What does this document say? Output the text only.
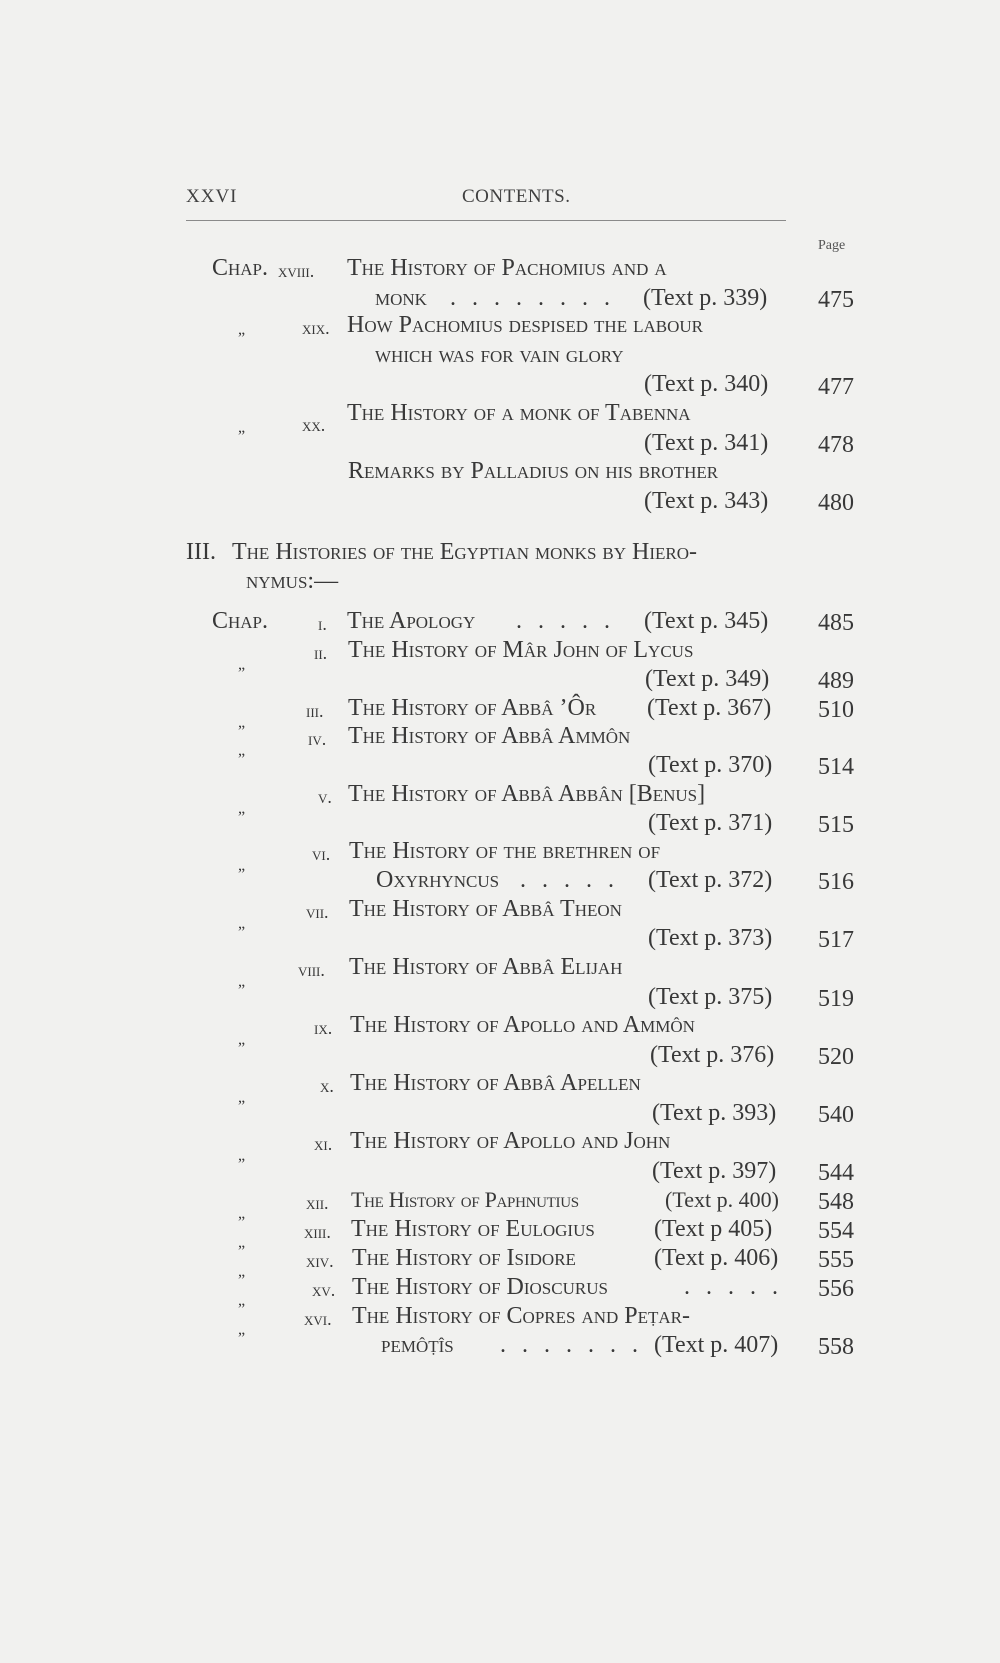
XXVI	CONTENTS.
Page
Chap. xviii. The History of Pachomius and a
monk . . . . . . . . (Text p. 339) 475
„	xix. How Pachomius despised the labour
which was for vain glory
(Text p. 340) 477
„	xx. The History of a monk of Tabenna
(Text p. 341) 478
Remarks by Palladius on his brother
(Text p. 343) 480
III. The Histories of the Egyptian monks by Hiero-
nymus:—
Chap.	i. The Apology . . . . . (Text p. 345) 485
„
ii. The History of Mâr John of Lycus
(Text p. 349) 489
„
iii. The History of Abbâ ’Ôr (Text p. 367) 510
„
iv. The History of Abbâ Ammôn
(Text p. 370) 514
„
v. The History of Abbâ Abbân [Benus]
(Text p. 371) 515
„
vi. The History of the brethren of
Oxyrhyncus . . . . . (Text p. 372) 516
„
vii. The History of Abbâ Theon
(Text p. 373) 517
„
viii. The History of Abbâ Elijah
(Text p. 375) 519
„
ix. The History of Apollo and Ammôn
(Text p. 376) 520
„
x. The History of Abbâ Apellen
(Text p. 393) 540
„
xi. The History of Apollo and John
(Text p. 397) 544
„
xii. The History of Paphnutius	(Text p. 400) 548
„
xiii. The History of Eulogius (Text p 405) 554
„
xiv. The History of Isidore	(Text p. 406) 555
„
xv. The History of Dioscurus	. . . . . 556
„
xvi. The History of Copres and Peṭar-
pemôṭîs . . . . . . . (Text p. 407) 558
